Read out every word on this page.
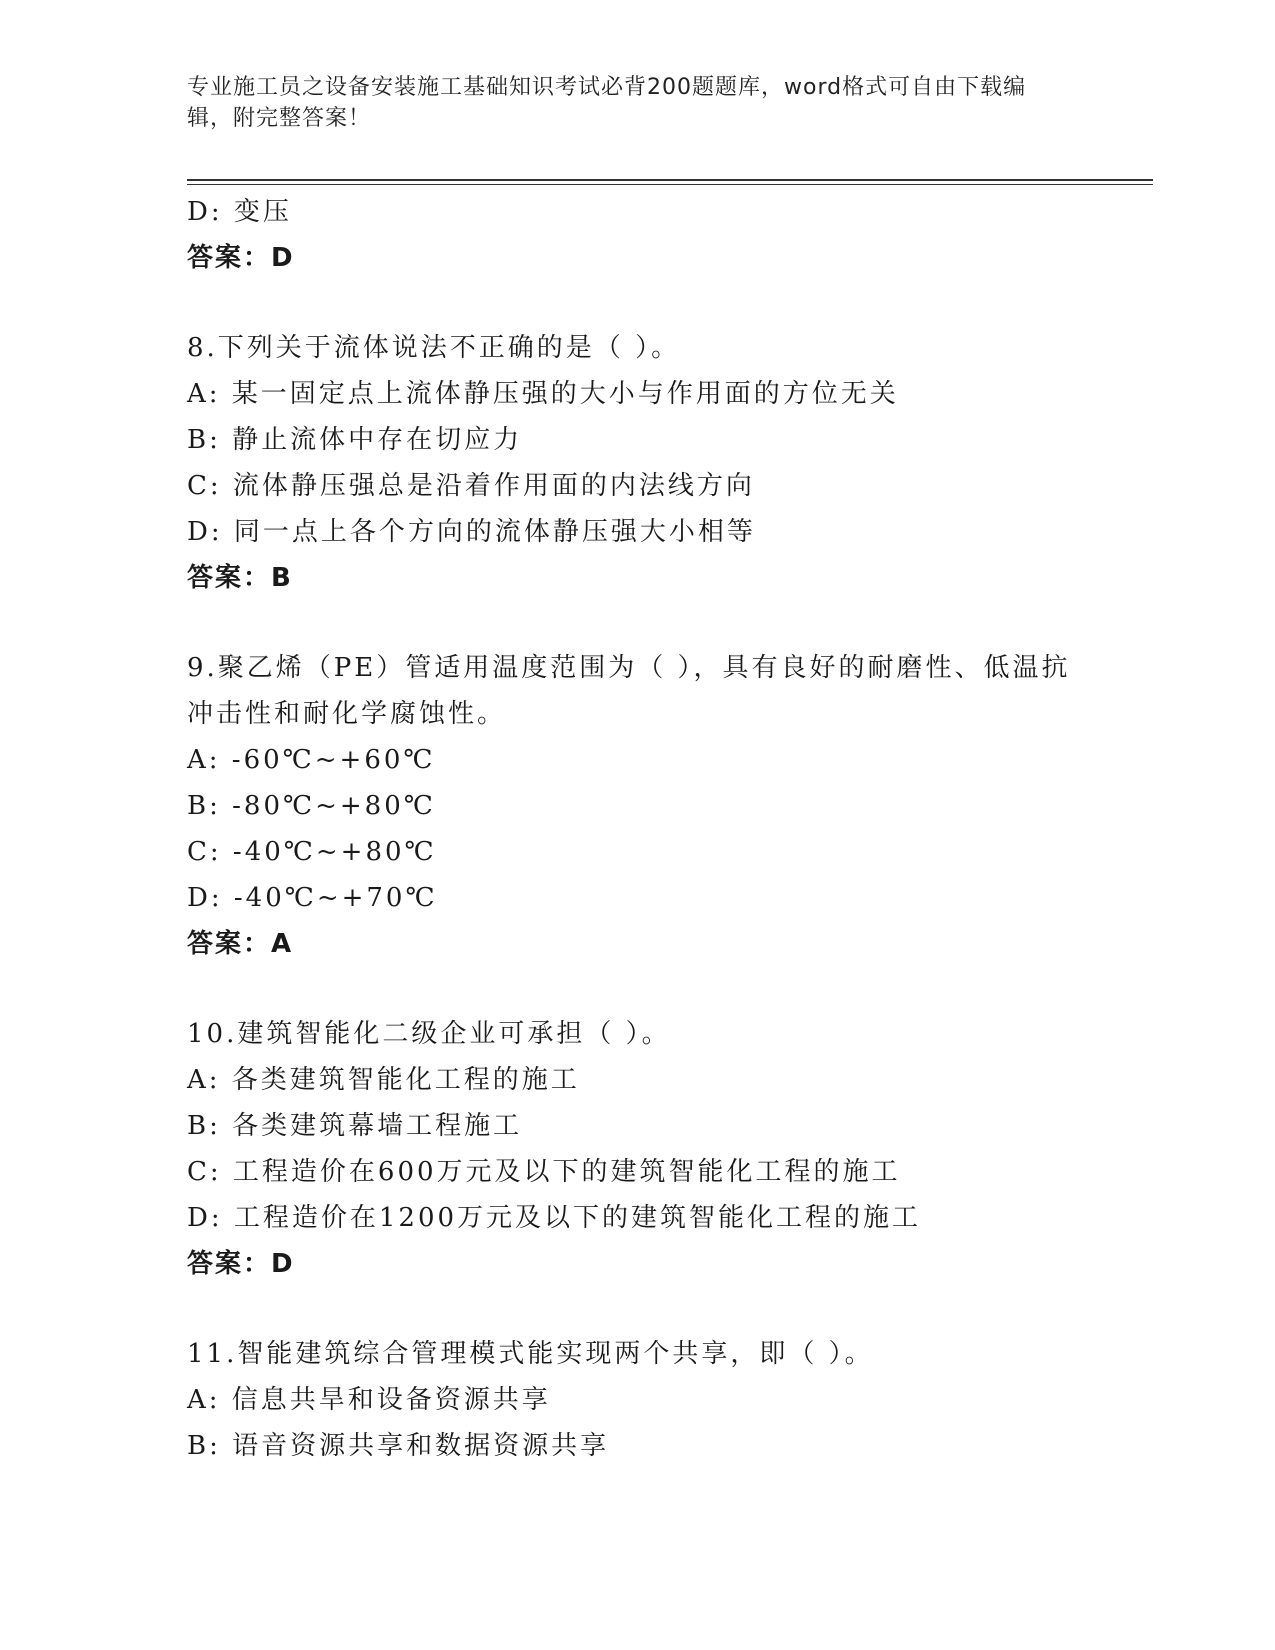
专业施工员之设备安装施工基础知识考试必背200题题库，word格式可自由下载编辑，附完整答案！
D: 变压
答案：D
8.下列关于流体说法不正确的是（ ）。
A: 某一固定点上流体静压强的大小与作用面的方位无关
B: 静止流体中存在切应力
C: 流体静压强总是沿着作用面的内法线方向
D: 同一点上各个方向的流体静压强大小相等
答案：B
9.聚乙烯（PE）管适用温度范围为（ ），具有良好的耐磨性、低温抗
冲击性和耐化学腐蚀性。
A: -60℃~+60℃
B: -80℃~+80℃
C: -40℃~+80℃
D: -40℃~+70℃
答案：A
10.建筑智能化二级企业可承担（ ）。
A: 各类建筑智能化工程的施工
B: 各类建筑幕墙工程施工
C: 工程造价在600万元及以下的建筑智能化工程的施工
D: 工程造价在1200万元及以下的建筑智能化工程的施工
答案：D
11.智能建筑综合管理模式能实现两个共享，即（ ）。
A: 信息共旱和设备资源共享
B: 语音资源共享和数据资源共享
